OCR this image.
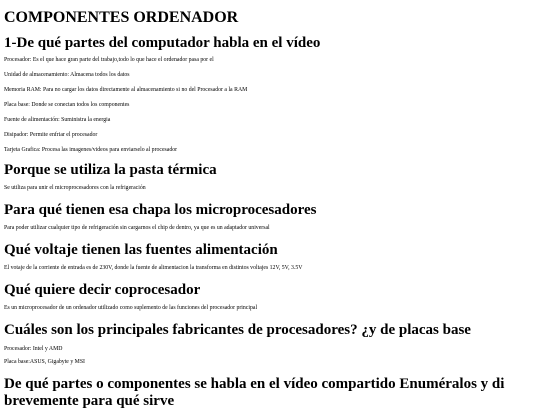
COMPONENTES ORDENADOR
1-De qué partes del computador habla en el vídeo

Procesador: Es el que hace gran parte del trabajo,todo lo que hace el ordenador pasa por el

Unidad de almacenamiento: Almacena todos los datos

Memoria RAM: Para no cargar los datos directamente al almacenamiento si no del Procesador a la RAM

Placa base: Donde se conectan todos los componentes

Fuente de alimentación: Suministra la energia

Disipador: Permite enfriar el procesador

Tarjeta Grafica: Procesa las imagenes/videos para enviarselo al procesador

Porque se utiliza la pasta térmica

Se utiliza para unir el microprocesadores con la refrigeración

Para qué tienen esa chapa los microprocesadores

Para poder utilizar cualquier tipo de refrigeración sin cargarnos el chip de dentro, ya que es un adaptador universal

Qué voltaje tienen las fuentes alimentación

El votaje de la corriente de entrada es de 230V, donde la fuente de alimentacion la transforma en distintos voltajes 12V, 5V, 3.5V

Qué quiere decir coprocesador

Es un microprocesador de un ordenador utilizado como suplemento de las funciones del procesador principal

Cuáles son los principales fabricantes de procesadores? ¿y de placas base

Procesador: Intel y AMD

Placa base:ASUS, Gigabyte y MSI

De qué partes o componentes se habla en el vídeo compartido Enuméralos y di brevemente para qué sirve
